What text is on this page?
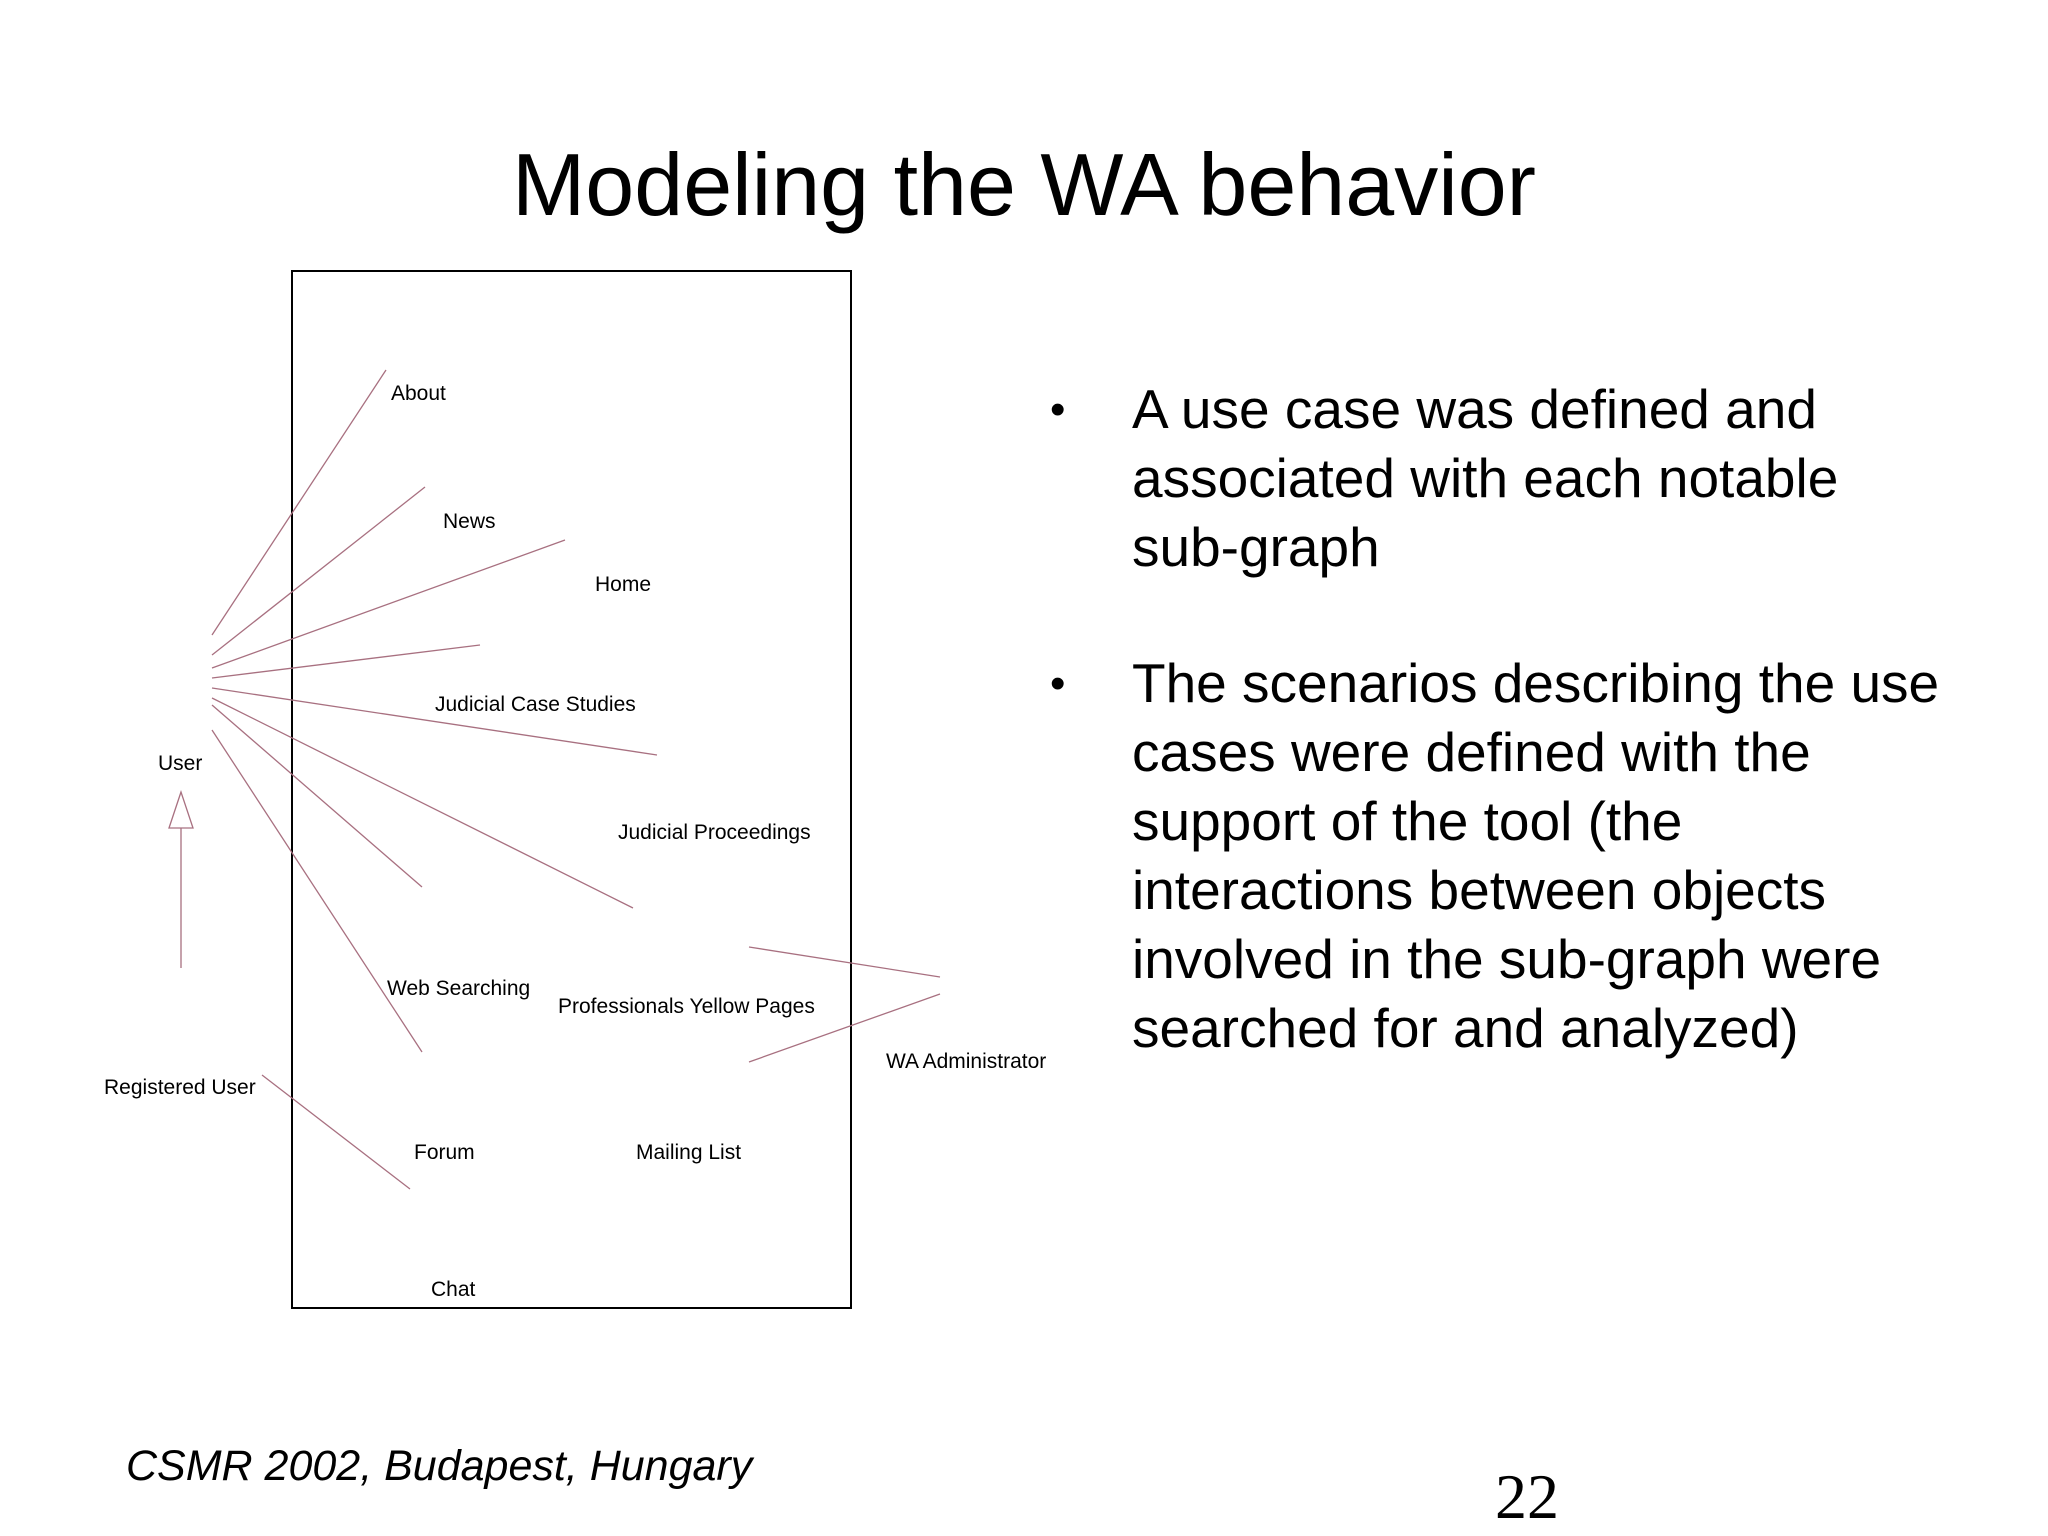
Modeling the WA behavior
User
Registered User
WA Administrator
About
News
Home
Judicial Case Studies
Judicial Proceedings
Web Searching
Professionals Yellow Pages
Forum	Mailing List
Chat
• A use case was defined and associated with each notable sub-graph
• The scenarios describing the use cases were defined with the support of the tool (the interactions between objects involved in the sub-graph were searched for and analyzed)
CSMR 2002, Budapest, Hungary	22
